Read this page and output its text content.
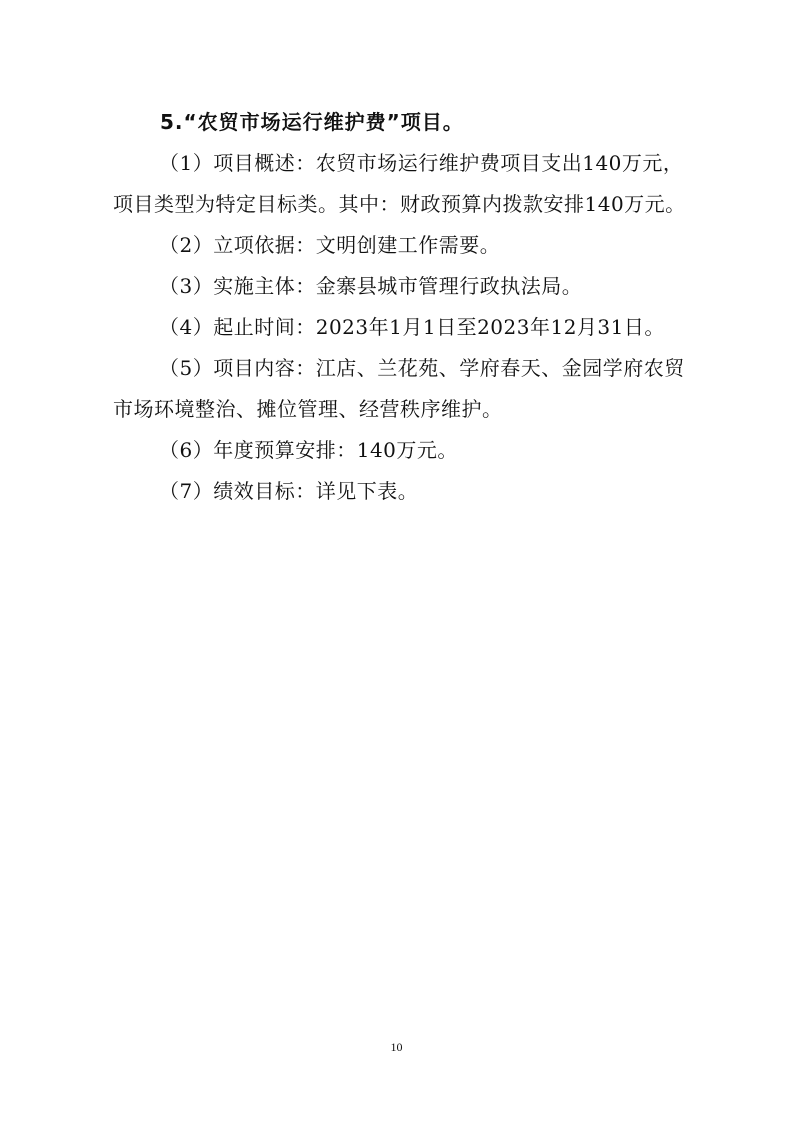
5.“农贸市场运行维护费”项目。

（1）项目概述：农贸市场运行维护费项目支出140万元，项目类型为特定目标类。其中：财政预算内拨款安排140万元。

（2）立项依据：文明创建工作需要。

（3）实施主体：金寨县城市管理行政执法局。

（4）起止时间：2023年1月1日至2023年12月31日。

（5）项目内容：江店、兰花苑、学府春天、金园学府农贸市场环境整治、摊位管理、经营秩序维护。

（6）年度预算安排：140万元。

（7）绩效目标：详见下表。

10
